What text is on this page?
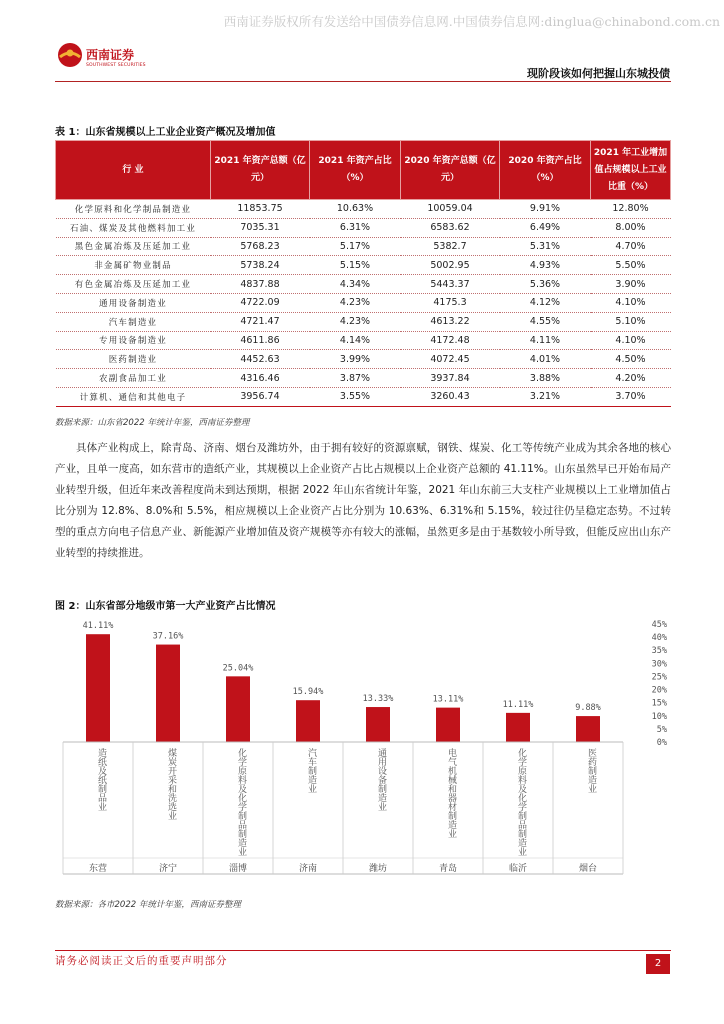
西南证券版权所有发送给中国债券信息网.中国债券信息网:dinglua@chinabond.com.cn
西南证券
SOUTHWEST SECURITIES
现阶段该如何把握山东城投债
表 1：山东省规模以上工业企业资产概况及增加值
行 业	2021 年资产总额（亿元）	2021 年资产占比（%）	2020 年资产总额（亿元）	2020 年资产占比（%）	2021 年工业增加值占规模以上工业比重（%）
化学原料和化学制品制造业	11853.75	10.63%	10059.04	9.91%	12.80%
石油、煤炭及其他燃料加工业	7035.31	6.31%	6583.62	6.49%	8.00%
黑色金属冶炼及压延加工业	5768.23	5.17%	5382.7	5.31%	4.70%
非金属矿物业制品	5738.24	5.15%	5002.95	4.93%	5.50%
有色金属冶炼及压延加工业	4837.88	4.34%	5443.37	5.36%	3.90%
通用设备制造业	4722.09	4.23%	4175.3	4.12%	4.10%
汽车制造业	4721.47	4.23%	4613.22	4.55%	5.10%
专用设备制造业	4611.86	4.14%	4172.48	4.11%	4.10%
医药制造业	4452.63	3.99%	4072.45	4.01%	4.50%
农副食品加工业	4316.46	3.87%	3937.84	3.88%	4.20%
计算机、通信和其他电子	3956.74	3.55%	3260.43	3.21%	3.70%
数据来源：山东省2022 年统计年鉴，西南证券整理

具体产业构成上，除青岛、济南、烟台及潍坊外，由于拥有较好的资源禀赋，钢铁、煤炭、化工等传统产业成为其余各地的核心产业，且单一度高，如东营市的造纸产业，其规模以上企业资产占比占规模以上企业资产总额的 41.11%。山东虽然早已开始布局产业转型升级，但近年来改善程度尚未到达预期，根据 2022 年山东省统计年鉴，2021 年山东前三大支柱产业规模以上工业增加值占比分别为 12.8%、8.0%和 5.5%，相应规模以上企业资产占比分别为 10.63%、6.31%和 5.15%，较过往仍呈稳定态势。不过转型的重点方向电子信息产业、新能源产业增加值及资产规模等亦有较大的涨幅，虽然更多是由于基数较小所导致，但能反应出山东产业转型的持续推进。

图 2：山东省部分地级市第一大产业资产占比情况
0%
5%
10%
15%
20%
25%
30%
35%
40%
45%
41.11%
37.16%
25.04%
15.94%
13.33%	13.11%
11.11%	9.88%
造纸及纸制品业
东营
煤炭开采和洗选业
济宁
化学原料及化学制品制造业
淄博
汽车制造业
济南
通用设备制造业
潍坊
电气机械和器材制造业
青岛
化学原料及化学制品制造业
临沂
医药制造业
烟台
数据来源：各市2022 年统计年鉴，西南证券整理
请务必阅读正文后的重要声明部分	2
